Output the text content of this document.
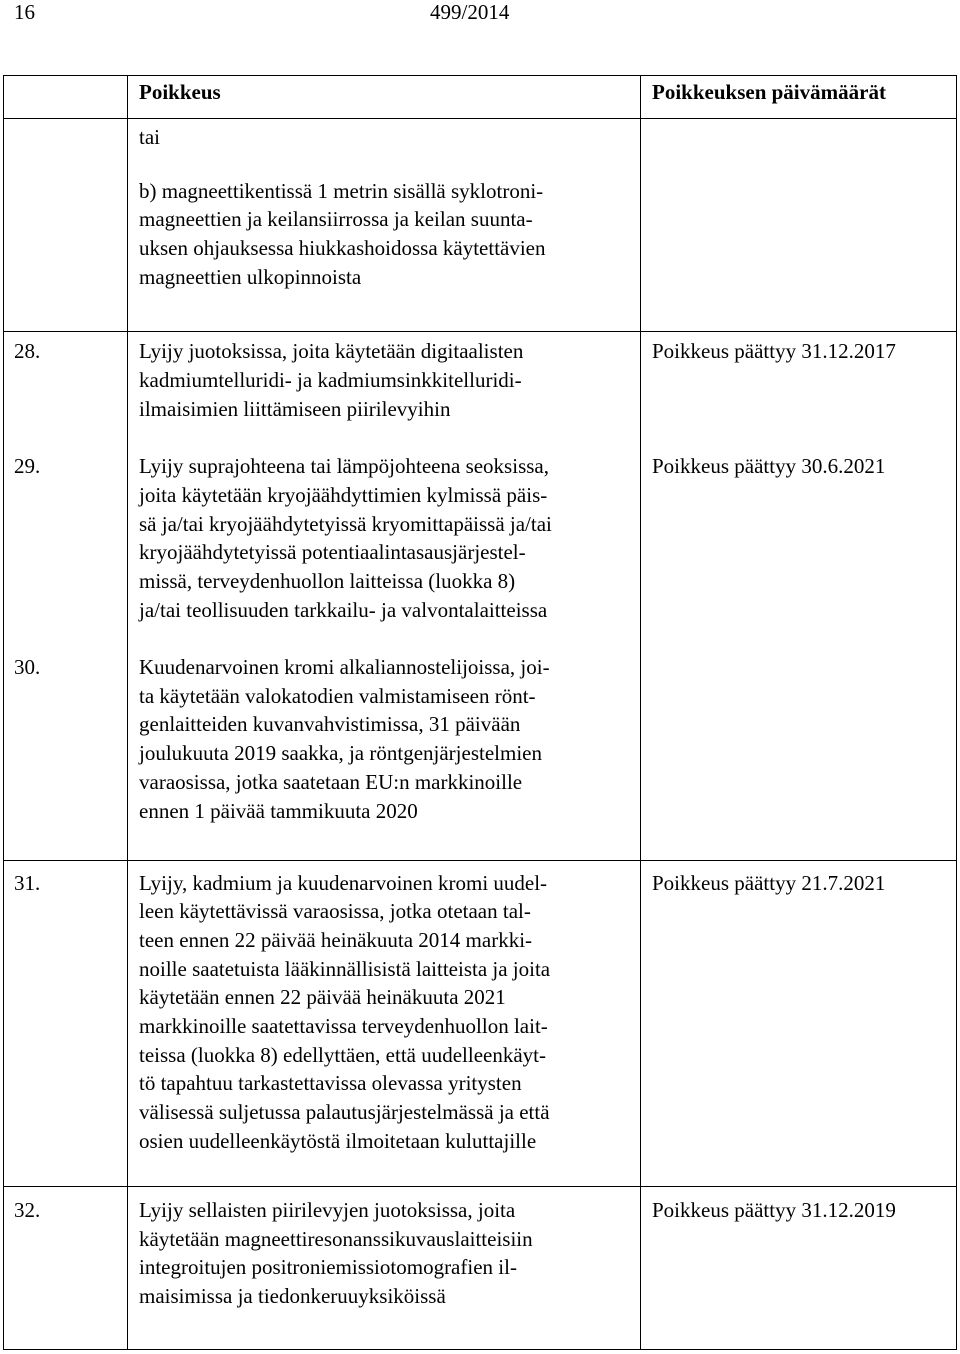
16	499/2014
Poikkeus	Poikkeuksen päivämäärät
tai
b) magneettikentissä 1 metrin sisällä syklotroni-
magneettien ja keilansiirrossa ja keilan suunta-
uksen ohjauksessa hiukkashoidossa käytettävien
magneettien ulkopinnoista
28.	Lyijy juotoksissa, joita käytetään digitaalisten
kadmiumtelluridi- ja kadmiumsinkkitelluridi-
ilmaisimien liittämiseen piirilevyihin
Poikkeus päättyy 31.12.2017
29.	Lyijy suprajohteena tai lämpöjohteena seoksissa,
joita käytetään kryojäähdyttimien kylmissä päis-
sä ja/tai kryojäähdytetyissä kryomittapäissä ja/tai
kryojäähdytetyissä potentiaalintasausjärjestel-
missä, terveydenhuollon laitteissa (luokka 8)
ja/tai teollisuuden tarkkailu- ja valvontalaitteissa
Poikkeus päättyy 30.6.2021
30.	Kuudenarvoinen kromi alkaliannostelijoissa, joi-
ta käytetään valokatodien valmistamiseen rönt-
genlaitteiden kuvanvahvistimissa, 31 päivään
joulukuuta 2019 saakka, ja röntgenjärjestelmien
varaosissa, jotka saatetaan EU:n markkinoille
ennen 1 päivää tammikuuta 2020
31.	Lyijy, kadmium ja kuudenarvoinen kromi uudel-
leen käytettävissä varaosissa, jotka otetaan tal-
teen ennen 22 päivää heinäkuuta 2014 markki-
noille saatetuista lääkinnällisistä laitteista ja joita
käytetään ennen 22 päivää heinäkuuta 2021
markkinoille saatettavissa terveydenhuollon lait-
teissa (luokka 8) edellyttäen, että uudelleenkäyt-
tö tapahtuu tarkastettavissa olevassa yritysten
välisessä suljetussa palautusjärjestelmässä ja että
osien uudelleenkäytöstä ilmoitetaan kuluttajille
Poikkeus päättyy 21.7.2021
32.	Lyijy sellaisten piirilevyjen juotoksissa, joita
käytetään magneettiresonanssikuvauslaitteisiin
integroitujen positroniemissiotomografien il-
maisimissa ja tiedonkeruuyksiköissä
Poikkeus päättyy 31.12.2019
